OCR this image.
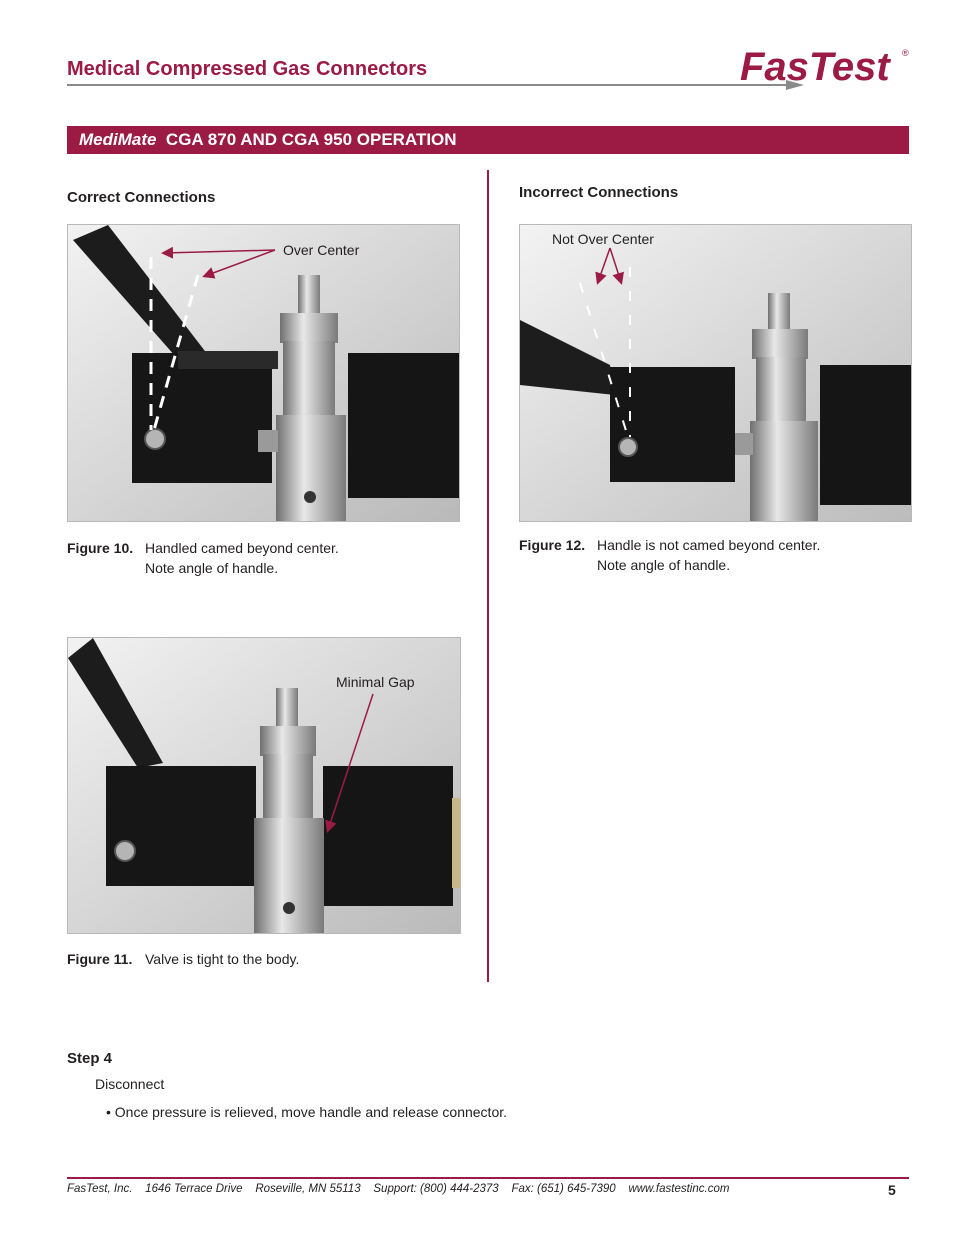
Medical Compressed Gas Connectors	FasTest ®
MediMate CGA 870 AND CGA 950 OPERATION
Correct Connections	Incorrect Connections
Over Center
Figure 10. Handled camed beyond center.
Note angle of handle.
Not Over Center
Figure 12. Handle is not camed beyond center.
Note angle of handle.
Minimal Gap
Figure 11. Valve is tight to the body.
Step 4
Disconnect
• Once pressure is relieved, move handle and release connector.
FasTest, Inc.    1646 Terrace Drive    Roseville, MN 55113    Support: (800) 444-2373    Fax: (651) 645-7390    www.fastestinc.com	5
